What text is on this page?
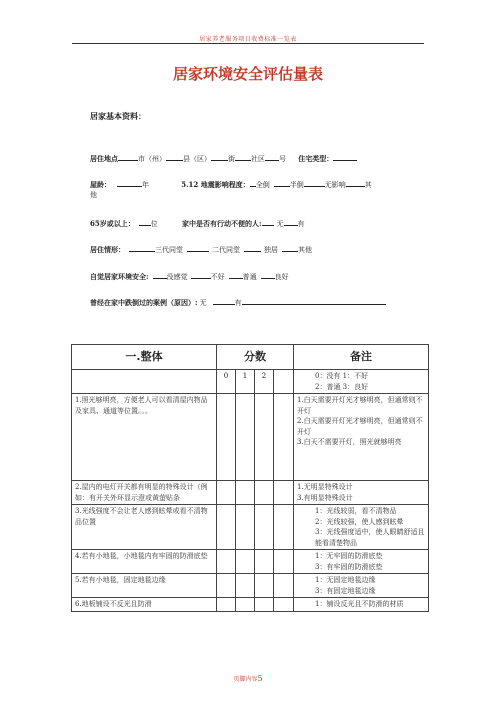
居家养老服务项目收费标准一览表
居家环境安全评估量表
居家基本资料：
居住地点	市（州） 县（区） 街 社区 号 住宅类型：
屋龄：	年	5.12 地震影响程度： 全倒	半倒	无影响	其
他
65岁或以上： 位	家中是否有行动不便的人: 无 有
居住情形：	三代同堂	二代同堂	独居	其他
自觉居家环境安全:	没感觉	不好	普通	良好
曾经在家中跌倒过的案例（原因）: 无	有
一.整体	分数				备注
	0	1	2		0：没有 1：不好
2：普通 3：良好

1.照光够明亮，方便老人可以看清屋内物品及家具、通道等位置。。。					1.白天需要开灯光才够明亮，但通常则不开灯
2.白天需要开灯光才够明亮，但通常则不开灯
3.白天不需要开灯，照光就够明亮

2.屋内的电灯开关都有明显的特殊设计（例如：有开关外环显示澄或黄萤贴条					1.无明显特殊设计
3.有明显特殊设计

3.光线强度不会让老人感到眩晕或看不清物品位置					1：光线较弱，看不清物品
2：光线较强，使人感到眩晕
3：光线强度适中，使人眼睛舒适且能看清楚物品

4.若有小地毯，小地毯内有牢固的防滑底垫					1：无牢固的防滑底垫
3：有牢固的防滑底垫

5.若有小地毯，固定地毯边缘					1：无固定地毯边缘
3：有固定地毯边缘

6.地板铺设不反光且防滑					1：铺设反光且不防滑的材质
页脚内容5
